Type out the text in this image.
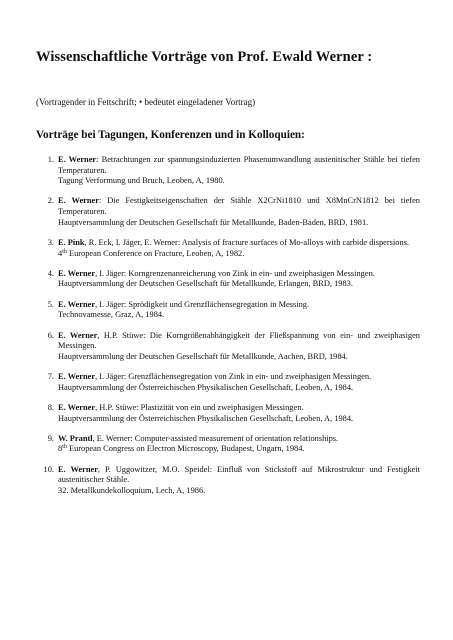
Wissenschaftliche Vorträge von Prof. Ewald Werner :
(Vortragender in Fettschrift; • bedeutet eingeladener Vortrag)
Vorträge bei Tagungen, Konferenzen und in Kolloquien:
1. E. Werner: Betrachtungen zur spannungsinduzierten Phasenumwandlung austenitischer Stähle bei tiefen Temperaturen.
Tagung Verformung und Bruch, Leoben, A, 1980.
2. E. Werner: Die Festigkeitseigenschaften der Stähle X2CrNi1810 und X8MnCrN1812 bei tiefen Temperaturen.
Hauptversammlung der Deutschen Gesellschaft für Metallkunde, Baden-Baden, BRD, 1981.
3. E. Pink, R. Eck, I. Jäger, E. Werner: Analysis of fracture surfaces of Mo-alloys with carbide dispersions.
4th European Conference on Fracture, Leoben, A, 1982.
4. E. Werner, I. Jäger: Korngrenzenanreicherung von Zink in ein- und zweiphasigen Messingen.
Hauptversammlung der Deutschen Gesellschaft für Metallkunde, Erlangen, BRD, 1983.
5. E. Werner, I. Jäger: Sprödigkeit und Grenzflächensegregation in Messing.
Technovamesse, Graz, A, 1984.
6. E. Werner, H.P. Stüwe: Die Korngrößenabhängigkeit der Fließspannung von ein- und zweiphasigen Messingen.
Hauptversammlung der Deutschen Gesellschaft für Metallkunde, Aachen, BRD, 1984.
7. E. Werner, I. Jäger: Grenzflächensegregation von Zink in ein- und zweiphasigen Messingen.
Hauptversammlung der Österreichischen Physikalischen Gesellschaft, Leoben, A, 1984.
8. E. Werner, H.P. Stüwe: Plastizität von ein und zweiphasigen Messingen.
Hauptversammlung der Österreichischen Physikalischen Gesellschaft, Leoben, A, 1984.
9. W. Prantl, E. Werner: Computer-assisted measurement of orientation relationships.
8th European Congress on Electron Microscopy, Budapest, Ungarn, 1984.
10. E. Werner, P. Uggowitzer, M.O. Speidel: Einfluß von Stickstoff auf Mikrostruktur und Festigkeit austenitischer Stähle.
32. Metallkundekolloquium, Lech, A, 1986.
